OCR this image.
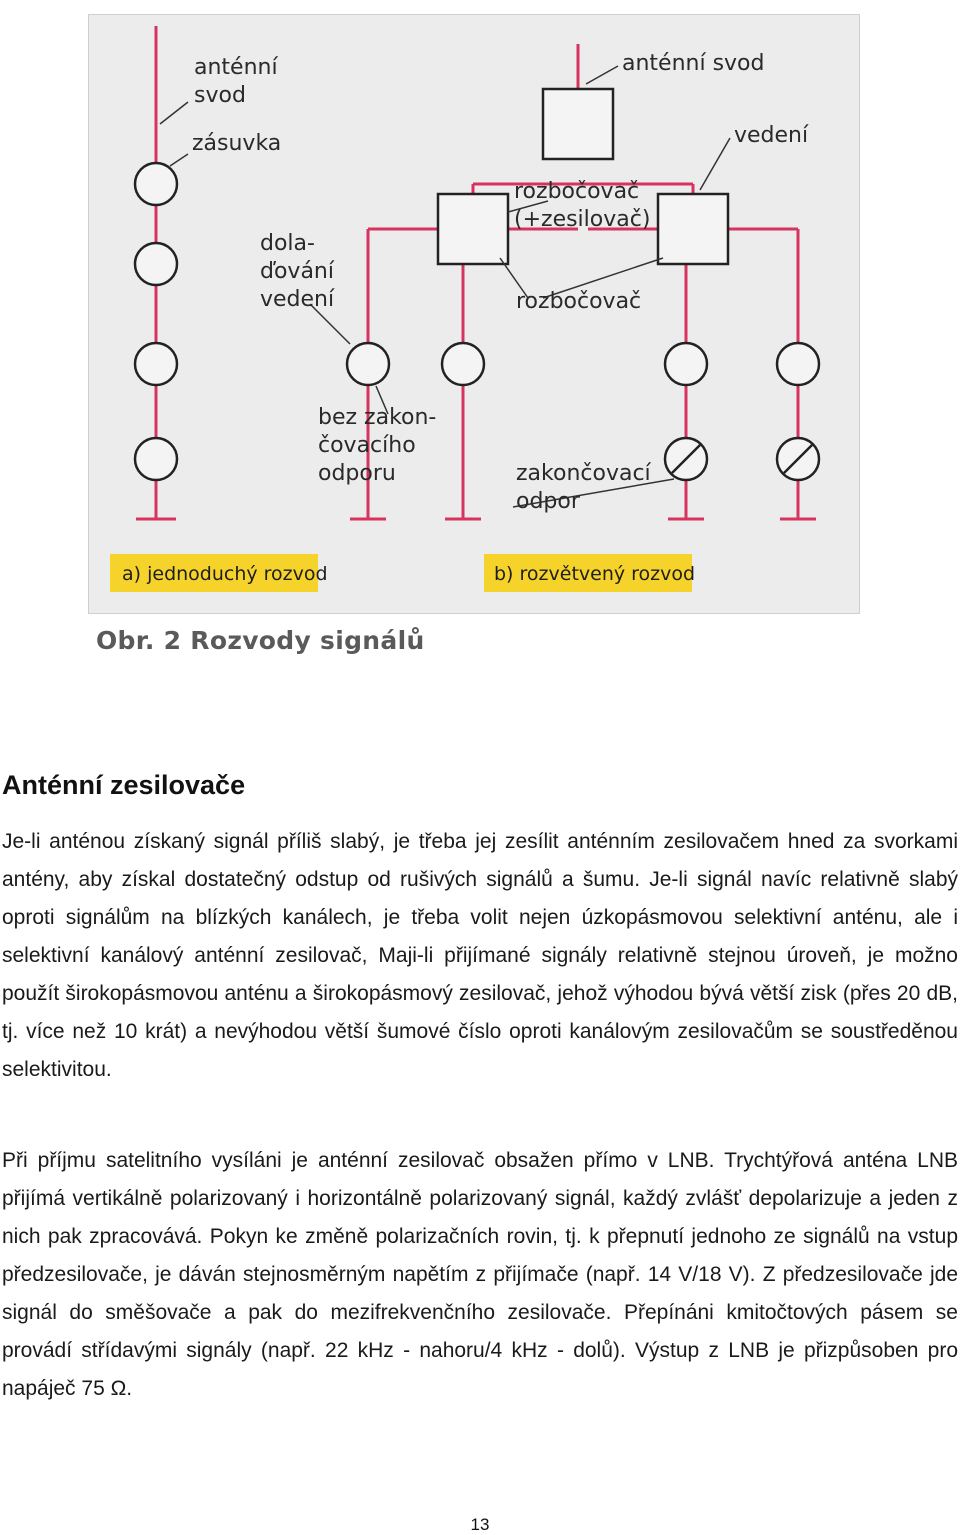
anténní
svod
zásuvka
dola-
ďování
vedení
bez zakon-
čovacího
odporu
anténní svod
vedení
rozbočovač
(+zesilovač)
rozbočovač
zakončovací
odpor
a) jednoduchý rozvod	b) rozvětvený rozvod
Obr. 2 Rozvody signálů
Anténní zesilovače

Je-li anténou získaný signál příliš slabý, je třeba jej zesílit anténním zesilovačem hned za svorkami antény, aby získal dostatečný odstup od rušivých signálů a šumu. Je-li signál navíc relativně slabý oproti signálům na blízkých kanálech, je třeba volit nejen úzkopásmovou selektivní anténu, ale i selektivní kanálový anténní zesilovač, Maji-li přijímané signály relativně stejnou úroveň, je možno použít širokopásmovou anténu a širokopásmový zesilovač, jehož výhodou bývá větší zisk (přes 20 dB, tj. více než 10 krát) a nevýhodou větší šumové číslo oproti kanálovým zesilovačům se soustředěnou selektivitou.

Při příjmu satelitního vysíláni je anténní zesilovač obsažen přímo v LNB. Trychtýřová anténa LNB přijímá vertikálně polarizovaný i horizontálně polarizovaný signál, každý zvlášť depolarizuje a jeden z nich pak zpracovává. Pokyn ke změně polarizačních rovin, tj. k přepnutí jednoho ze signálů na vstup předzesilovače, je dáván stejnosměrným napětím z přijímače (např. 14 V/18 V). Z předzesilovače jde signál do směšovače a pak do mezifrekvenčního zesilovače. Přepínáni kmitočtových pásem se provádí střídavými signály (např. 22 kHz - nahoru/4 kHz - dolů). Výstup z LNB je přizpůsoben pro napáječ 75 Ω.

13
